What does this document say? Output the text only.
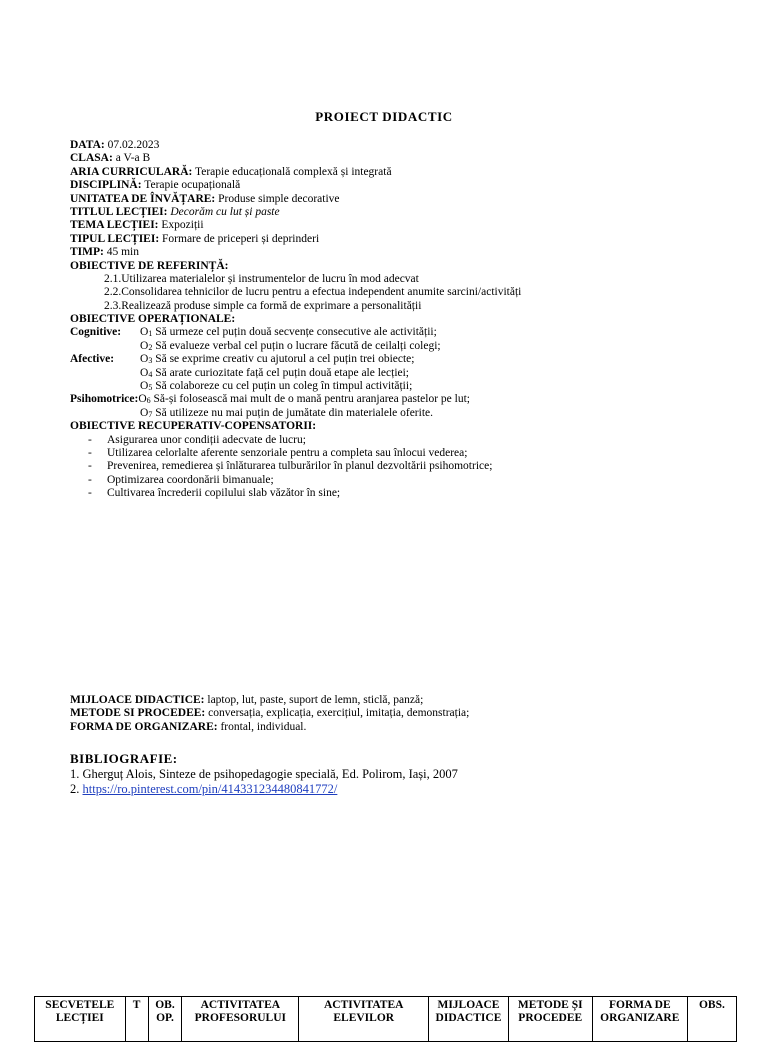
PROIECT DIDACTIC
DATA: 07.02.2023
CLASA: a V-a B
ARIA CURRICULARĂ: Terapie educațională complexă și integrată
DISCIPLINĂ: Terapie ocupațională
UNITATEA DE ÎNVĂȚARE: Produse simple decorative
TITLUL LECȚIEI: Decorăm cu lut și paste
TEMA LECȚIEI: Expoziții
TIPUL LECȚIEI: Formare de priceperi și deprinderi
TIMP: 45 min
OBIECTIVE DE REFERINȚĂ:
2.1.Utilizarea materialelor și instrumentelor de lucru în mod adecvat
2.2.Consolidarea tehnicilor de lucru pentru a efectua independent anumite sarcini/activități
2.3.Realizează produse simple ca formă de exprimare a personalității
OBIECTIVE OPERAȚIONALE:
Cognitive: O1 Să urmeze cel puțin două secvențe consecutive ale activității;
O2 Să evalueze verbal cel puțin o lucrare făcută de ceilalți colegi;
Afective: O3 Să se exprime creativ cu ajutorul a cel puțin trei obiecte;
O4 Să arate curiozitate față cel puțin două etape ale lecției;
O5 Să colaboreze cu cel puțin un coleg în timpul activității;
Psihomotrice:O6 Să-și folosească mai mult de o mană pentru aranjarea pastelor pe lut;
O7 Să utilizeze nu mai puțin de jumătate din materialele oferite.
OBIECTIVE RECUPERATIV-COPENSATORII:
- Asigurarea unor condiții adecvate de lucru;
- Utilizarea celorlalte aferente senzoriale pentru a completa sau înlocui vederea;
- Prevenirea, remedierea și înlăturarea tulburărilor în planul dezvoltării psihomotrice;
- Optimizarea coordonării bimanuale;
- Cultivarea încrederii copilului slab văzător în sine;
MIJLOACE DIDACTICE: laptop, lut, paste, suport de lemn, sticlă, panză;
METODE SI PROCEDEE: conversația, explicația, exercițiul, imitația, demonstrația;
FORMA DE ORGANIZARE: frontal, individual.
BIBLIOGRAFIE:
1. Gherguț Alois, Sinteze de psihopedagogie specială, Ed. Polirom, Iași, 2007
2. https://ro.pinterest.com/pin/414331234480841772/
SECVETELE LECȚIEI	T	OB. OP.	ACTIVITATEA PROFESORULUI	ACTIVITATEA ELEVILOR	MIJLOACE DIDACTICE	METODE ȘI PROCEDEE	FORMA DE ORGANIZARE	OBS.
